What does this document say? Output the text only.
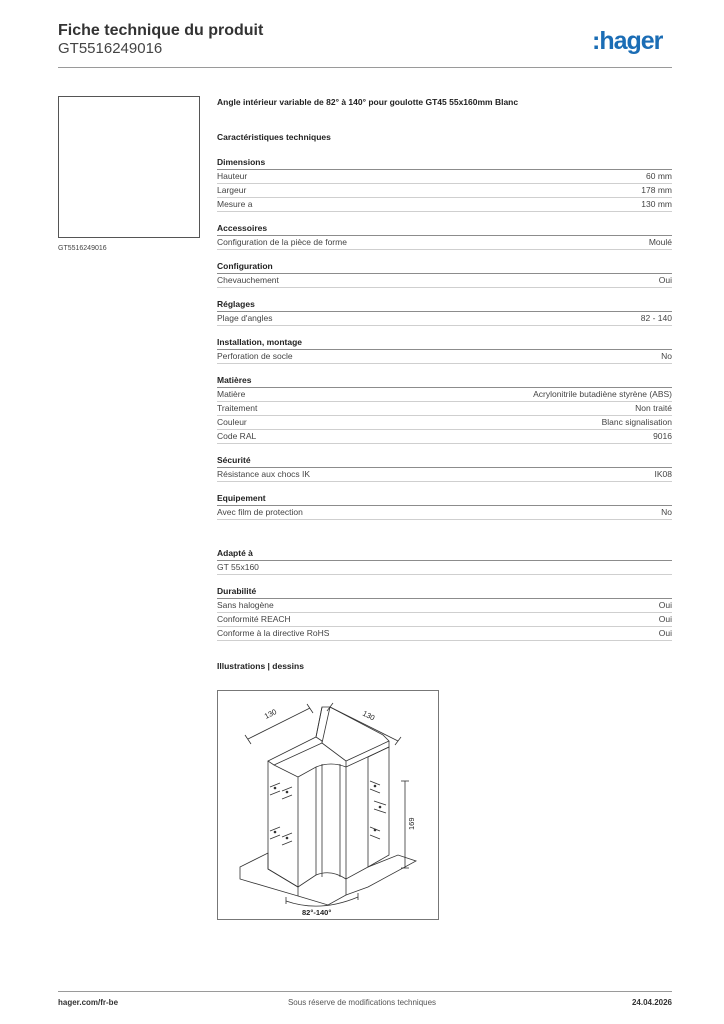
Fiche technique du produit
GT5516249016	:hager
GT5516249016
Angle intérieur variable de 82° à 140° pour goulotte GT45 55x160mm Blanc
Caractéristiques techniques
Dimensions
Hauteur	60 mm
Largeur	178 mm
Mesure a	130 mm
Accessoires
Configuration de la pièce de forme	Moulé
Configuration
Chevauchement	Oui
Réglages
Plage d'angles	82 - 140
Installation, montage
Perforation de socle	No
Matières
Matière	Acrylonitrile butadiène styrène (ABS)
Traitement	Non traité
Couleur	Blanc signalisation
Code RAL	9016
Sécurité
Résistance aux chocs IK	IK08
Equipement
Avec film de protection	No
Adapté à
GT 55x160
Durabilité
Sans halogène	Oui
Conformité REACH	Oui
Conforme à la directive RoHS	Oui
Illustrations | dessins
130	130
169
82°-140°
hager.com/fr-be	Sous réserve de modifications techniques	24.04.2026
